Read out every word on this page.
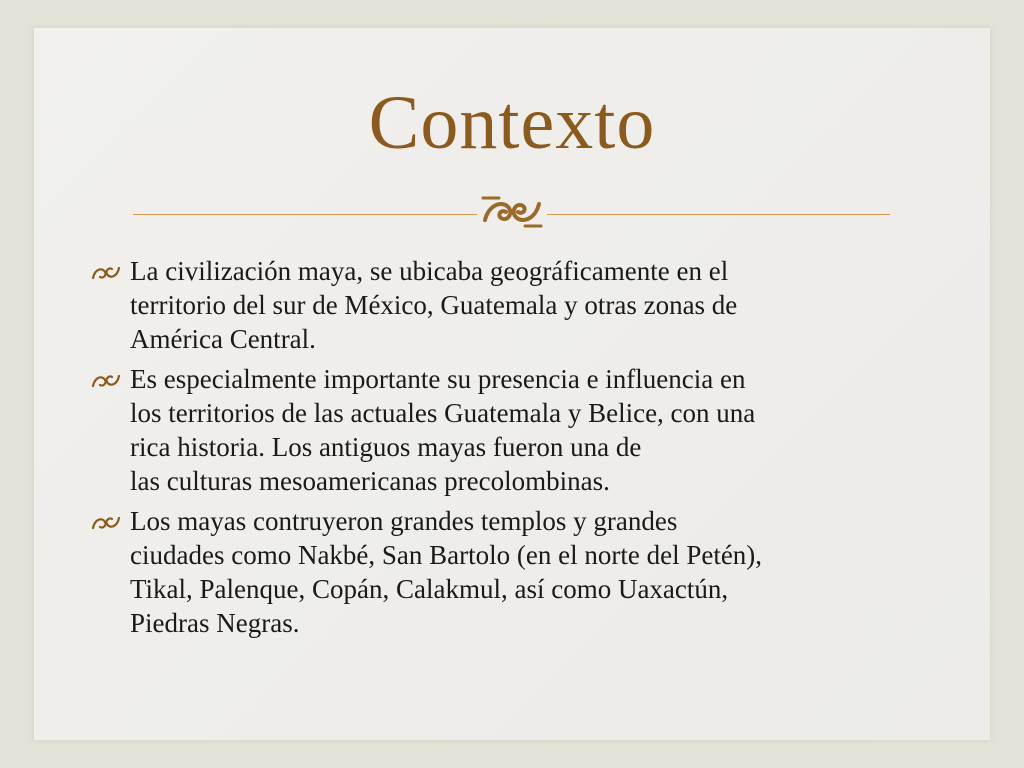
Contexto
La civilización maya, se ubicaba geográficamente en el
territorio del sur de México, Guatemala y otras zonas de
América Central.
Es especialmente importante su presencia e influencia en
los territorios de las actuales Guatemala y Belice, con una
rica historia. Los antiguos mayas fueron una de
las culturas mesoamericanas precolombinas.
Los mayas contruyeron grandes templos y grandes
ciudades como Nakbé, San Bartolo (en el norte del Petén),
Tikal, Palenque, Copán, Calakmul, así como Uaxactún,
Piedras Negras.
